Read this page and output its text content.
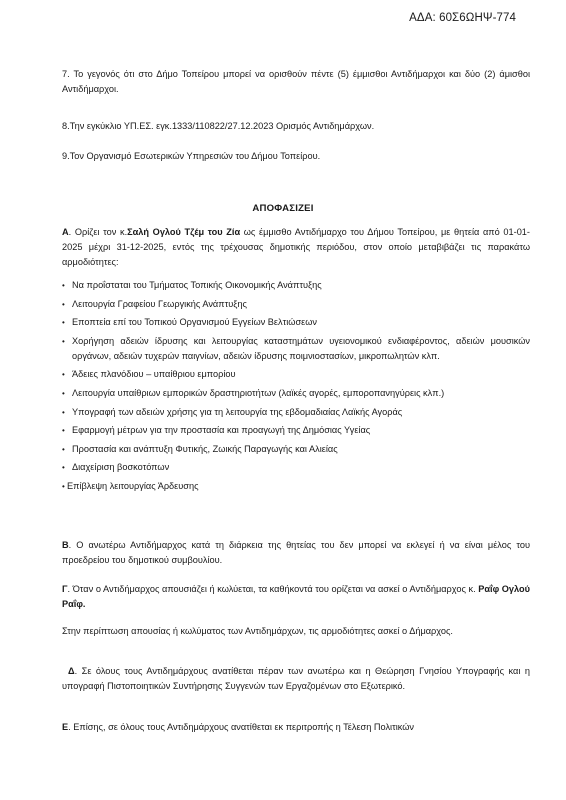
ΑΔΑ: 60Σ6ΩΗΨ-774
7. Το γεγονός ότι στο Δήμο Τοπείρου μπορεί να ορισθούν πέντε (5) έμμισθοι Αντιδήμαρχοι και δύο (2) άμισθοι Αντιδήμαρχοι.
8.Την εγκύκλιο ΥΠ.ΕΣ. εγκ.1333/110822/27.12.2023 Ορισμός Αντιδημάρχων.
9.Τον Οργανισμό Εσωτερικών Υπηρεσιών του Δήμου Τοπείρου.
ΑΠΟΦΑΣΙΖΕΙ
Α. Ορίζει τον κ.Σαλή Ογλού Τζέμ του Ζία ως έμμισθο Αντιδήμαρχο του Δήμου Τοπείρου, με θητεία από 01-01-2025 μέχρι 31-12-2025, εντός της τρέχουσας δημοτικής περιόδου, στον οποίο μεταβιβάζει τις παρακάτω αρμοδιότητες:
• Να προΐσταται του Τμήματος Τοπικής Οικονομικής Ανάπτυξης
• Λειτουργία Γραφείου Γεωργικής Ανάπτυξης
• Εποπτεία επί του Τοπικού Οργανισμού Εγγείων Βελτιώσεων
• Χορήγηση αδειών ίδρυσης και λειτουργίας καταστημάτων υγειονομικού ενδιαφέροντος, αδειών μουσικών οργάνων, αδειών τυχερών παιγνίων, αδειών ίδρυσης ποιμνιοστασίων, μικροπωλητών κλπ.
• Άδειες πλανόδιου – υπαίθριου εμπορίου
• Λειτουργία υπαίθριων εμπορικών δραστηριοτήτων (λαϊκές αγορές, εμποροπανηγύρεις κλπ.)
• Υπογραφή των αδειών χρήσης για τη λειτουργία της εβδομαδιαίας Λαϊκής Αγοράς
• Εφαρμογή μέτρων για την προστασία και προαγωγή της Δημόσιας Υγείας
• Προστασία και ανάπτυξη Φυτικής, Ζωικής Παραγωγής και Αλιείας
• Διαχείριση βοσκοτόπων
• Επίβλεψη λειτουργίας Άρδευσης
Β. Ο ανωτέρω Αντιδήμαρχος κατά τη διάρκεια της θητείας του δεν μπορεί να εκλεγεί ή να είναι μέλος του προεδρείου του δημοτικού συμβουλίου.
Γ. Όταν ο Αντιδήμαρχος απουσιάζει ή κωλύεται, τα καθήκοντά του ορίζεται να ασκεί ο Αντιδήμαρχος κ. Ραΐφ Ογλού Ραΐφ.
Στην περίπτωση απουσίας ή κωλύματος των Αντιδημάρχων, τις αρμοδιότητες ασκεί ο Δήμαρχος.
Δ. Σε όλους τους Αντιδημάρχους ανατίθεται πέραν των ανωτέρω και η Θεώρηση Γνησίου Υπογραφής και η υπογραφή Πιστοποιητικών Συντήρησης Συγγενών των Εργαζομένων στο Εξωτερικό.
Ε. Επίσης, σε όλους τους Αντιδημάρχους ανατίθεται εκ περιτροπής η Τέλεση Πολιτικών
